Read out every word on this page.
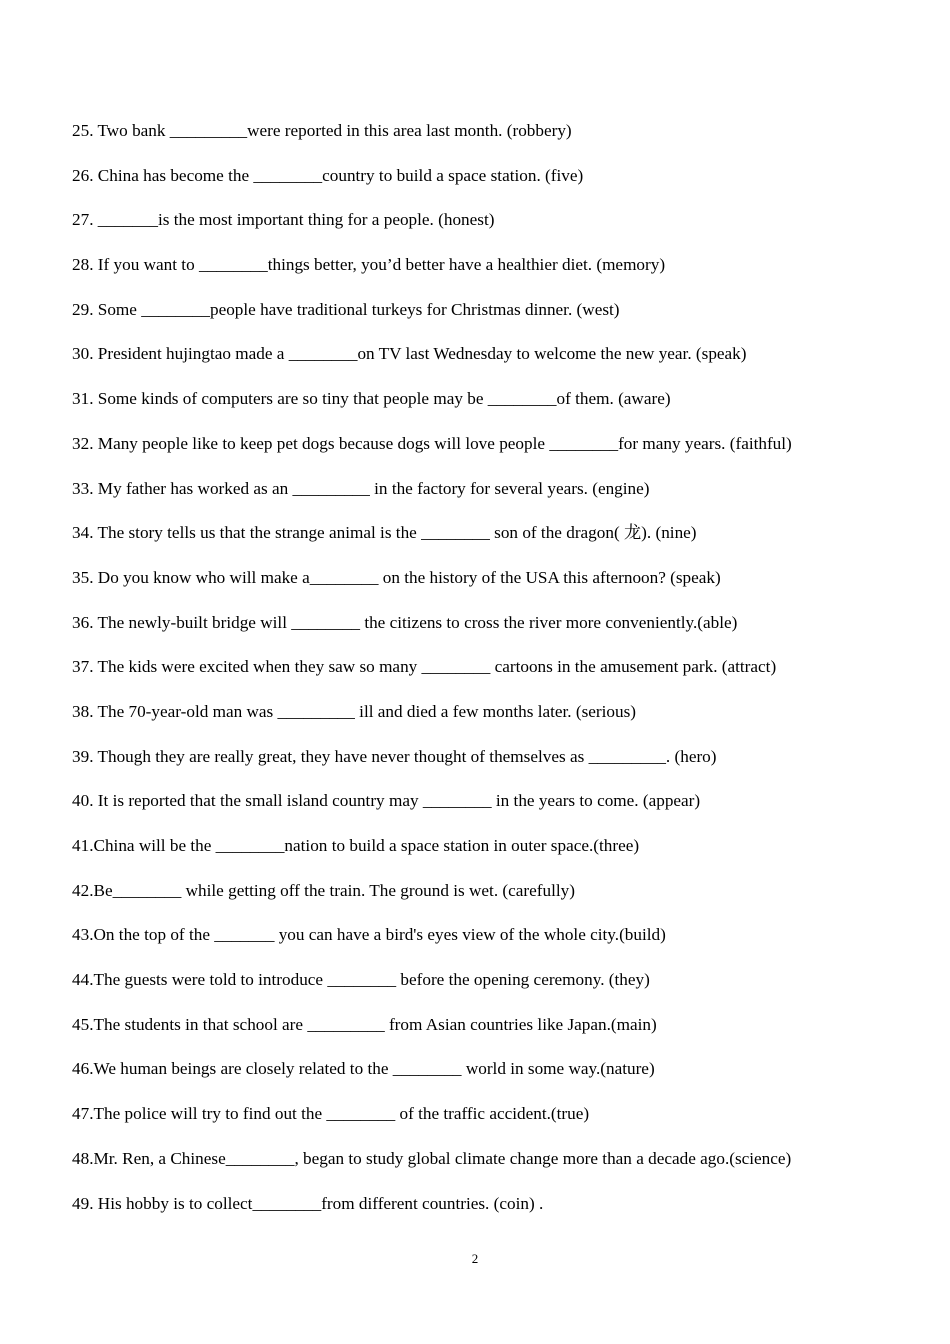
25. Two bank _________were reported in this area last month. (robbery)
26. China has become the ________country to build a space station. (five)
27. _______is the most important thing for a people. (honest)
28. If you want to ________things better, you’d better have a healthier diet. (memory)
29. Some ________people have traditional turkeys for Christmas dinner. (west)
30. President hujingtao made a ________on TV last Wednesday to welcome the new year. (speak)
31. Some kinds of computers are so tiny that people may be ________of them. (aware)
32. Many people like to keep pet dogs because dogs will love people ________for many years. (faithful)
33. My father has worked as an _________ in the factory for several years. (engine)
34. The story tells us that the strange animal is the ________ son of the dragon( 龙). (nine)
35. Do you know who will make a________ on the history of the USA this afternoon? (speak)
36. The newly-built bridge will ________ the citizens to cross the river more conveniently.(able)
37. The kids were excited when they saw so many ________ cartoons in the amusement park. (attract)
38. The 70-year-old man was _________ ill and died a few months later. (serious)
39. Though they are really great, they have never thought of themselves as _________. (hero)
40. It is reported that the small island country may ________ in the years to come. (appear)
41.China will be the ________nation to build a space station in outer space.(three)
42.Be________ while getting off the train. The ground is wet. (carefully)
43.On the top of the _______ you can have a bird's eyes view of the whole city.(build)
44.The guests were told to introduce ________ before the opening ceremony. (they)
45.The students in that school are _________ from Asian countries like Japan.(main)
46.We human beings are closely related to the ________ world in some way.(nature)
47.The police will try to find out the ________ of the traffic accident.(true)
48.Mr. Ren, a Chinese________, began to study global climate change more than a decade ago.(science)
49. His hobby is to collect________from different countries. (coin) .
2
